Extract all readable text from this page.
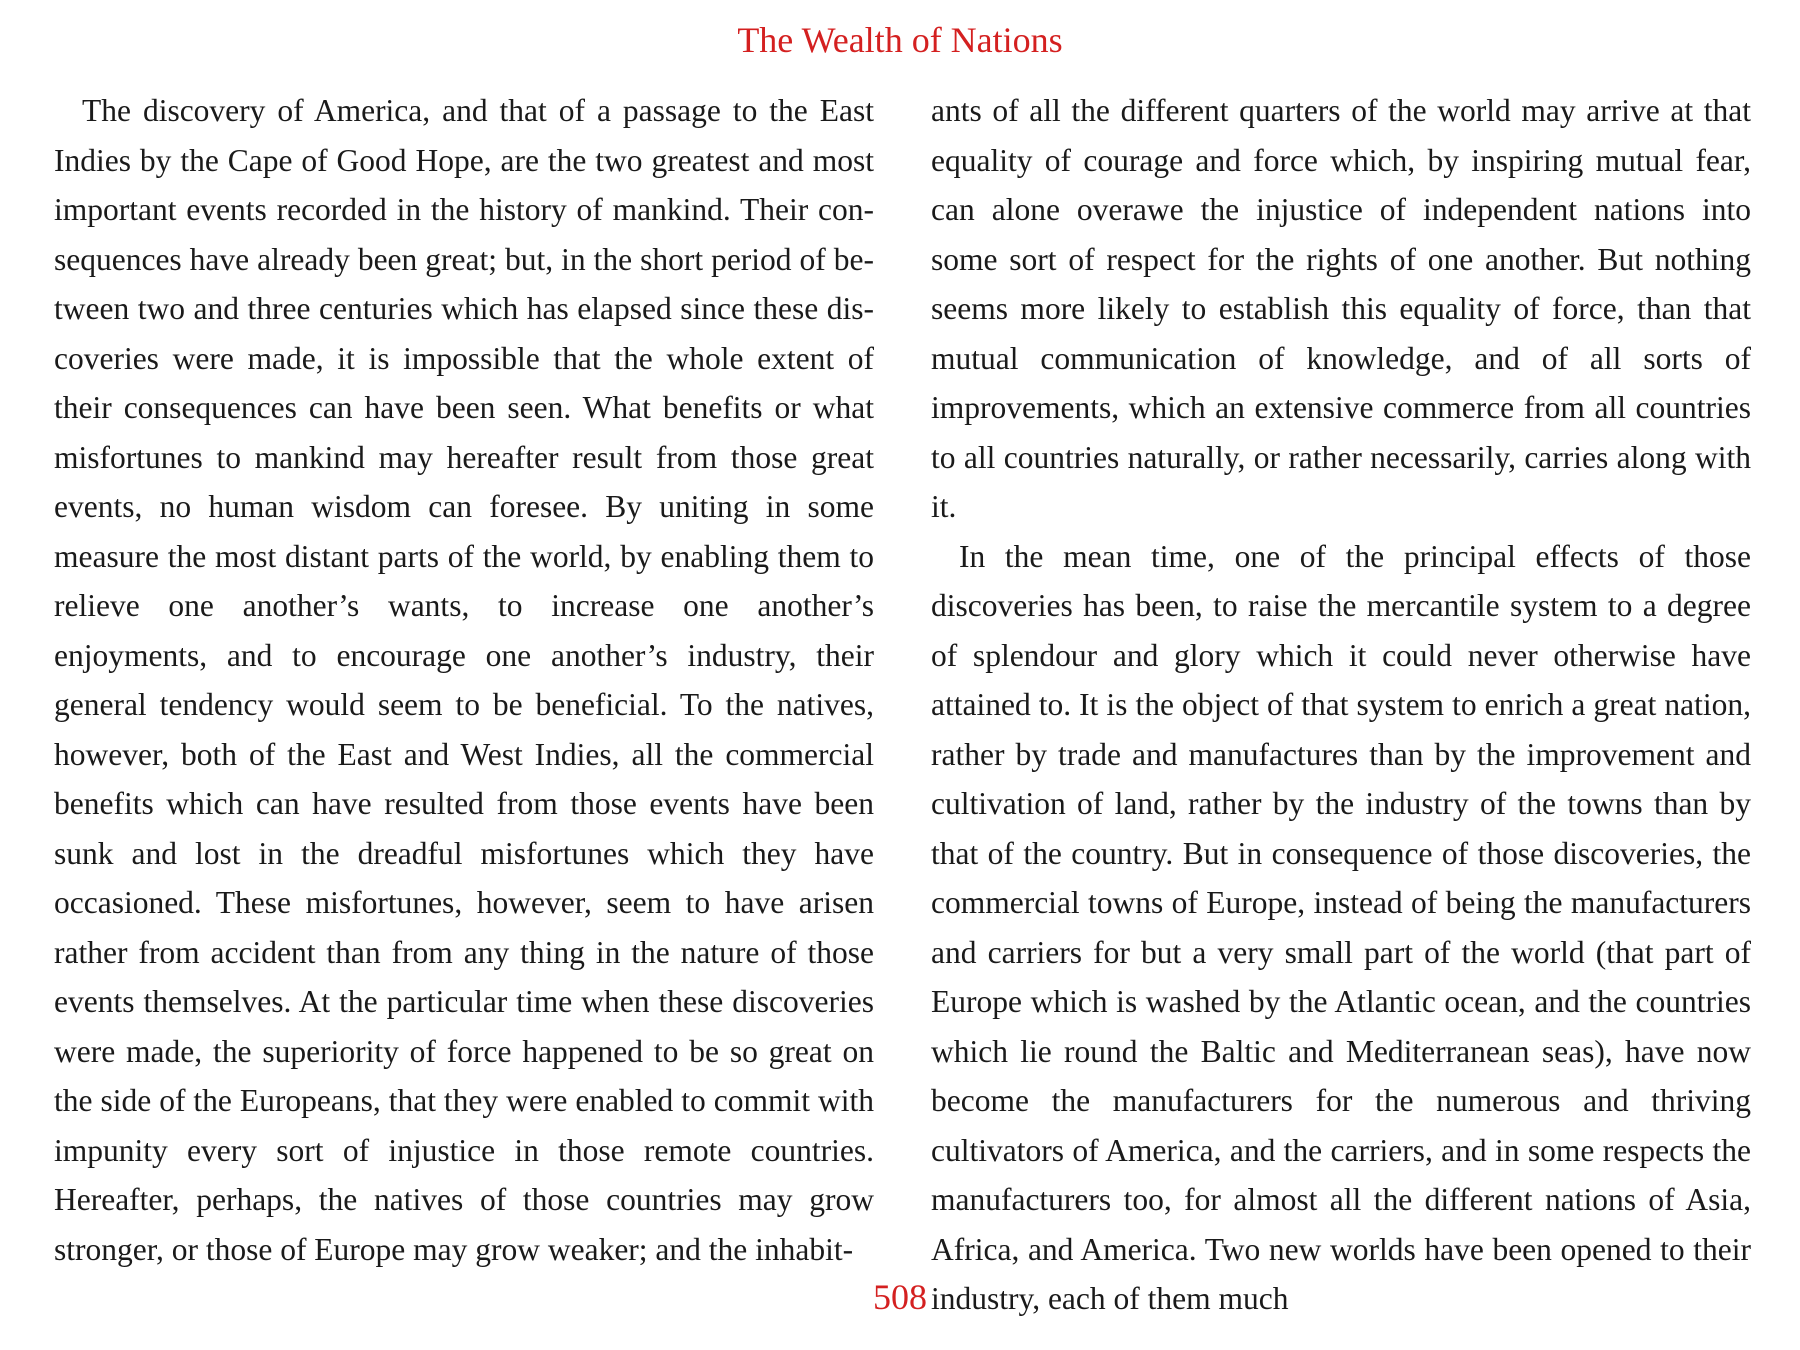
The Wealth of Nations

The discovery of America, and that of a passage to the East Indies by the Cape of Good Hope, are the two greatest and most important events recorded in the history of mankind. Their consequences have already been great; but, in the short period of between two and three centuries which has elapsed since these discoveries were made, it is impossible that the whole extent of their consequences can have been seen. What benefits or what misfortunes to mankind may hereafter result from those great events, no human wisdom can foresee. By uniting in some measure the most distant parts of the world, by enabling them to relieve one another’s wants, to increase one another’s enjoyments, and to encourage one another’s industry, their general tendency would seem to be beneficial. To the natives, however, both of the East and West Indies, all the commercial benefits which can have resulted from those events have been sunk and lost in the dreadful misfortunes which they have occasioned. These misfortunes, however, seem to have arisen rather from accident than from any thing in the nature of those events themselves. At the particular time when these discoveries were made, the superiority of force happened to be so great on the side of the Europeans, that they were enabled to commit with impunity every sort of injustice in those remote countries. Hereafter, perhaps, the natives of those countries may grow stronger, or those of Europe may grow weaker; and the inhabit-

ants of all the different quarters of the world may arrive at that equality of courage and force which, by inspiring mutual fear, can alone overawe the injustice of independent nations into some sort of respect for the rights of one another. But nothing seems more likely to establish this equality of force, than that mutual communication of knowledge, and of all sorts of improvements, which an extensive commerce from all countries to all countries naturally, or rather necessarily, carries along with it.

In the mean time, one of the principal effects of those discoveries has been, to raise the mercantile system to a degree of splendour and glory which it could never otherwise have attained to. It is the object of that system to enrich a great nation, rather by trade and manufactures than by the improvement and cultivation of land, rather by the industry of the towns than by that of the country. But in consequence of those discoveries, the commercial towns of Europe, instead of being the manufacturers and carriers for but a very small part of the world (that part of Europe which is washed by the Atlantic ocean, and the countries which lie round the Baltic and Mediterranean seas), have now become the manufacturers for the numerous and thriving cultivators of America, and the carriers, and in some respects the manufacturers too, for almost all the different nations of Asia, Africa, and America. Two new worlds have been opened to their industry, each of them much

508
